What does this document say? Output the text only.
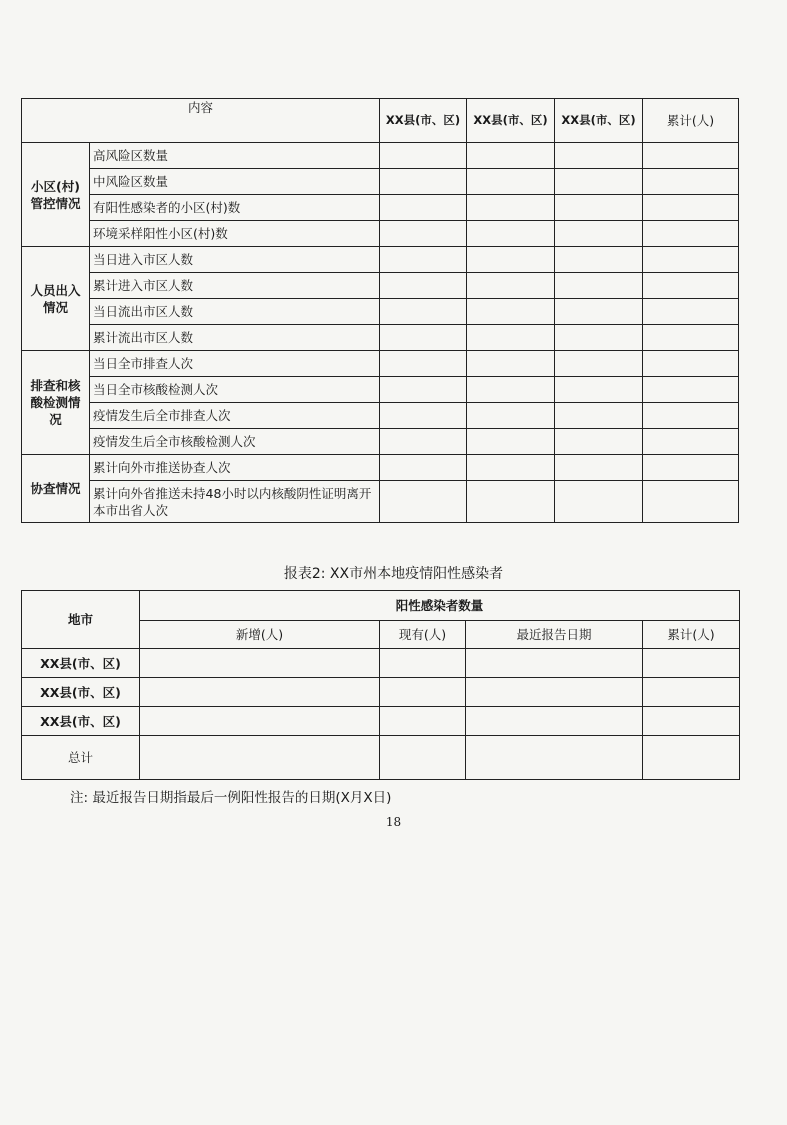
内容		XX县(市、区)	XX县(市、区)	XX县(市、区)	累计(人)
小区(村)管控情况	高风险区数量				
	中风险区数量				
	有阳性感染者的小区(村)数				
	环境采样阳性小区(村)数				
人员出入情况	当日进入市区人数				
	累计进入市区人数				
	当日流出市区人数				
	累计流出市区人数				
排查和核酸检测情况	当日全市排查人次				
	当日全市核酸检测人次				
	疫情发生后全市排查人次				
	疫情发生后全市核酸检测人次				
协查情况	累计向外市推送协查人次				
	累计向外省推送未持48小时以内核酸阴性证明离开本市出省人次				
报表2: XX市州本地疫情阳性感染者
地市	阳性感染者数量			
	新增(人)	现有(人)	最近报告日期	累计(人)
XX县(市、区)				
XX县(市、区)				
XX县(市、区)				
总计				
注: 最近报告日期指最后一例阳性报告的日期(X月X日)
18
